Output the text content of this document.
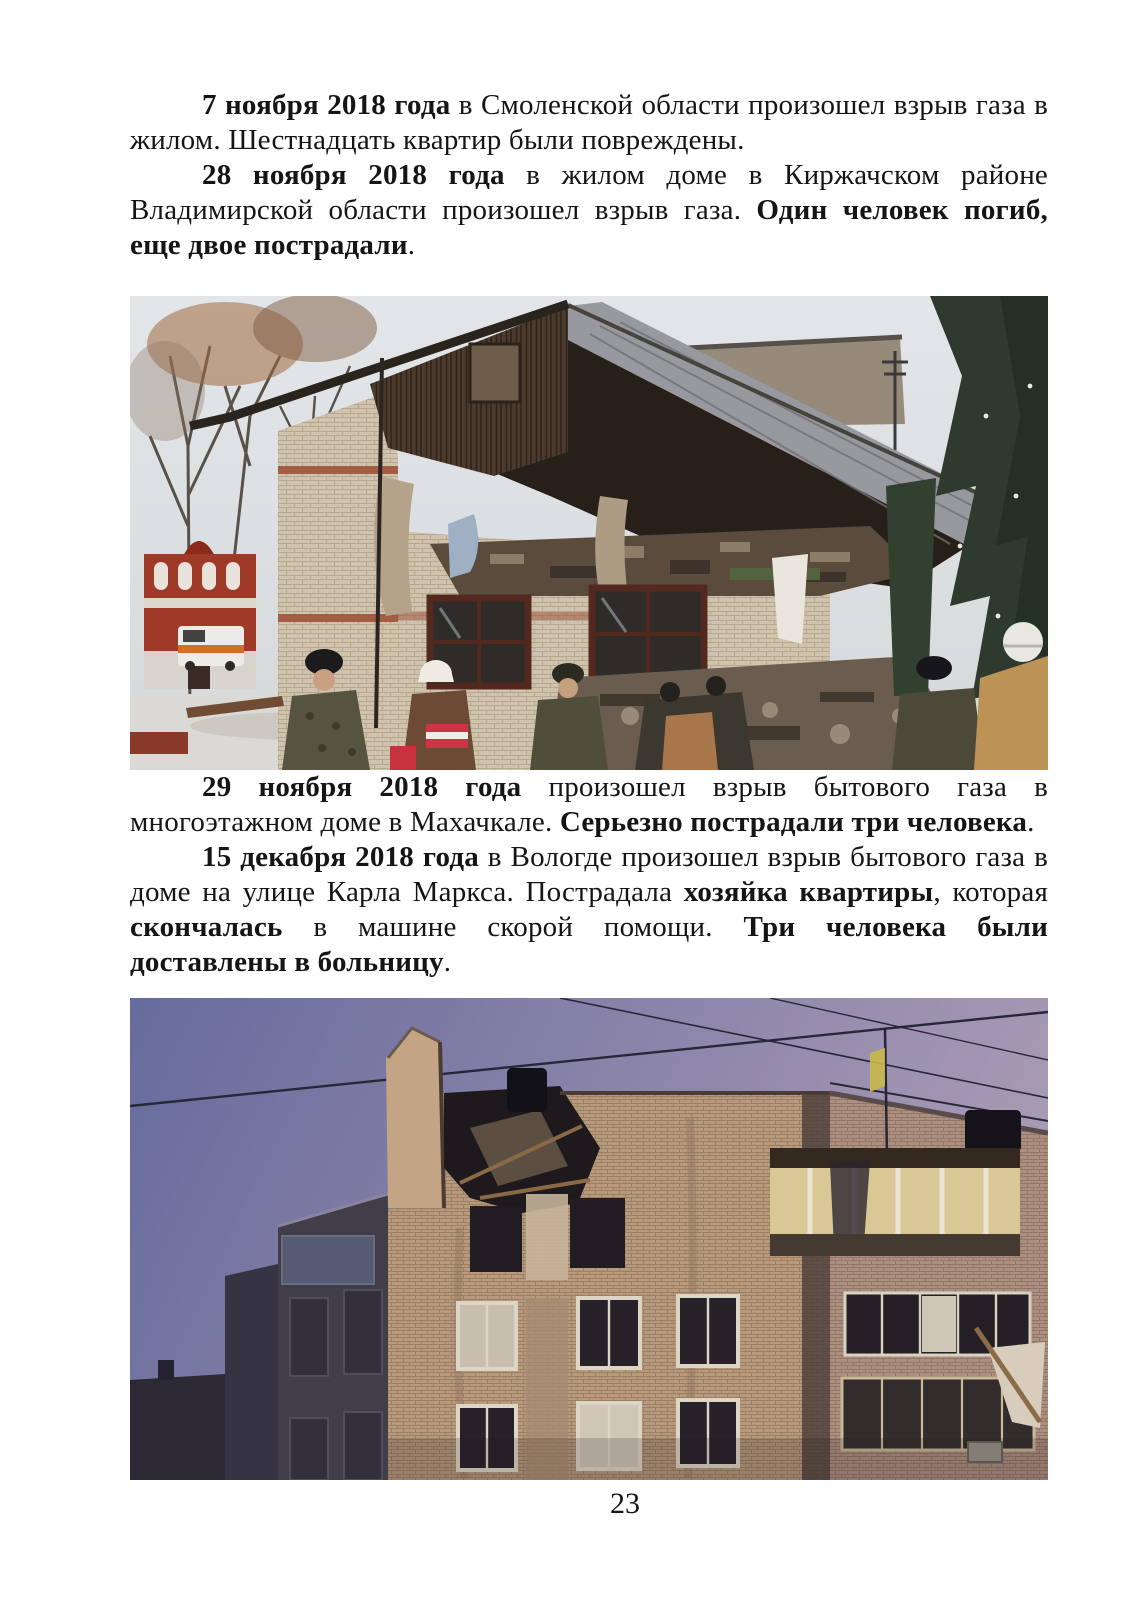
7 ноября 2018 года в Смоленской области произошел взрыв газа в жилом. Шестнадцать квартир были повреждены.

28 ноября 2018 года в жилом доме в Киржачском районе Владимирской области произошел взрыв газа. Один человек погиб, еще двое пострадали.

29 ноября 2018 года произошел взрыв бытового газа в многоэтажном доме в Махачкале. Серьезно пострадали три человека.

15 декабря 2018 года в Вологде произошел взрыв бытового газа в доме на улице Карла Маркса. Пострадала хозяйка квартиры, которая скончалась в машине скорой помощи. Три человека были доставлены в больницу.

23
